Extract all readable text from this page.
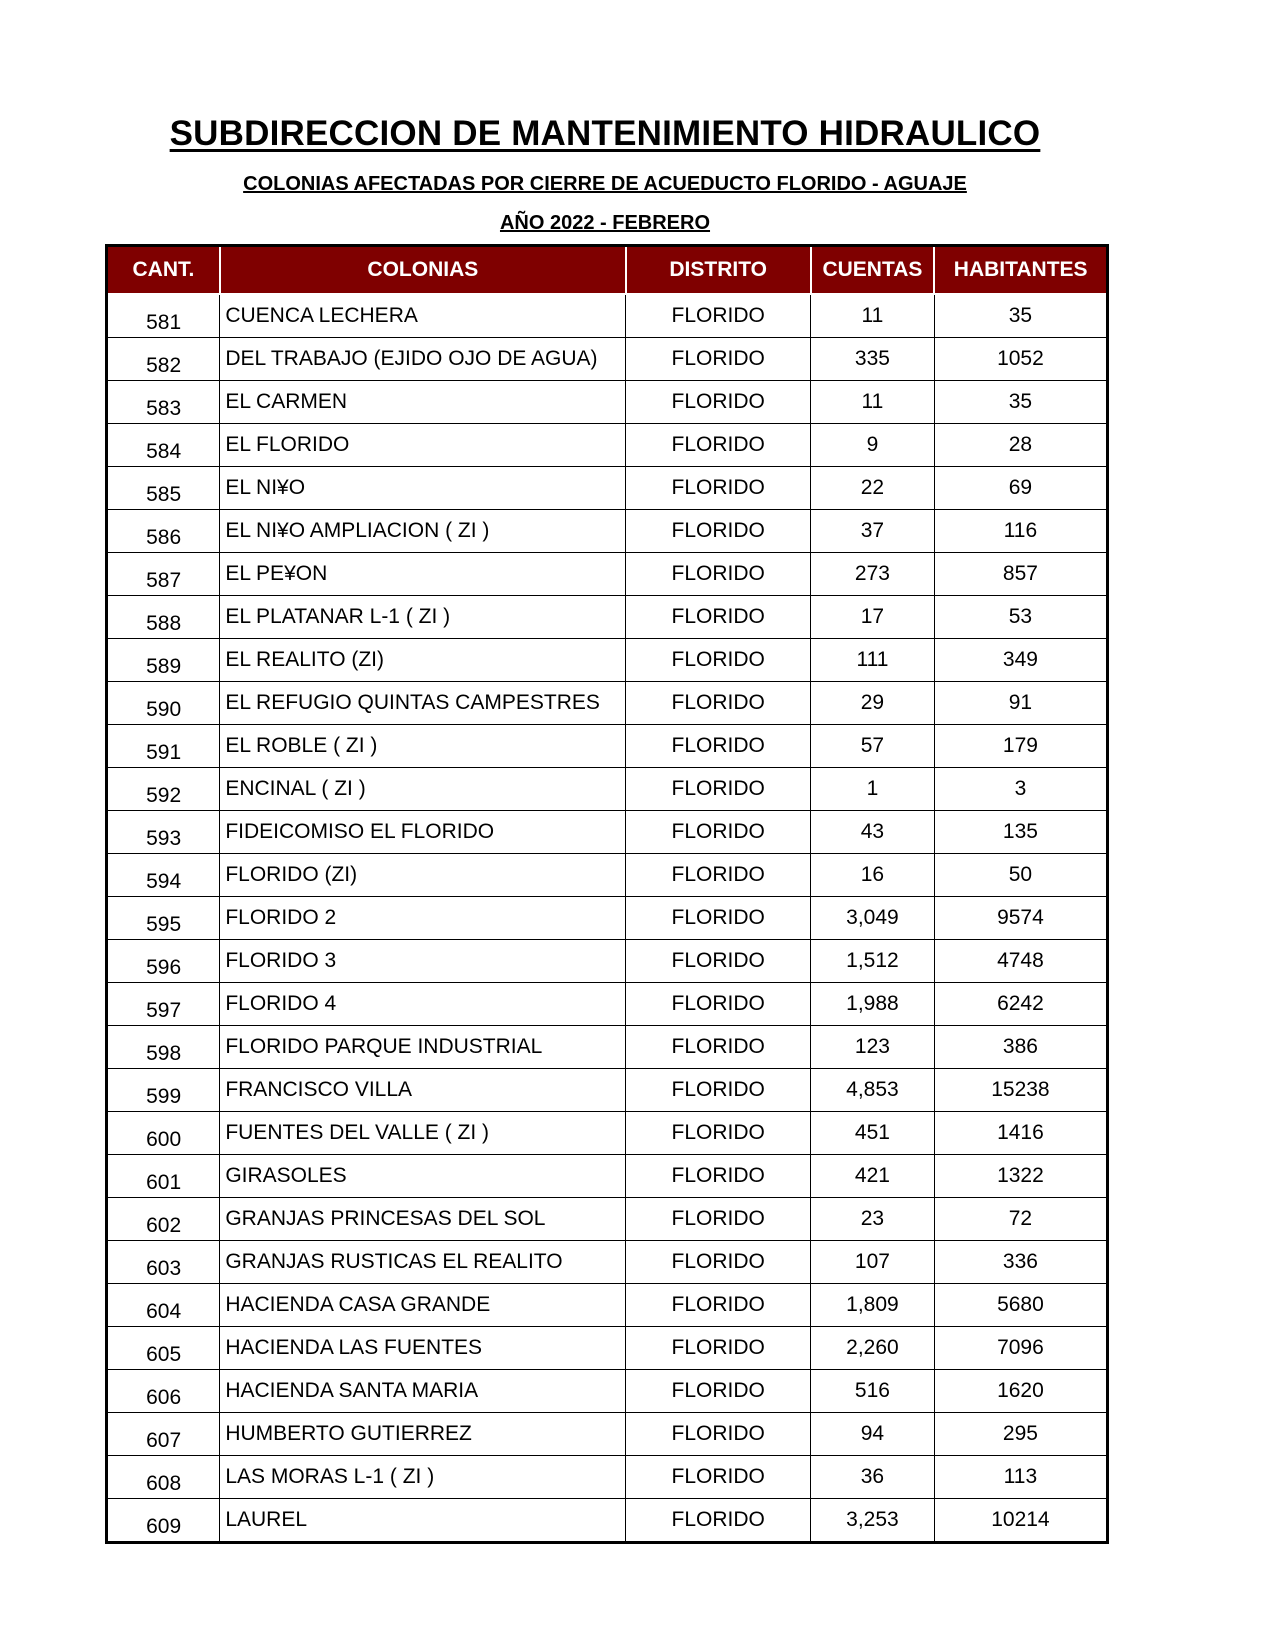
SUBDIRECCION DE MANTENIMIENTO HIDRAULICO
COLONIAS AFECTADAS POR CIERRE DE ACUEDUCTO FLORIDO - AGUAJE
AÑO 2022 - FEBRERO
CANT.	COLONIAS	DISTRITO	CUENTAS	HABITANTES
581	CUENCA LECHERA	FLORIDO	11	35
582	DEL TRABAJO (EJIDO OJO DE AGUA)	FLORIDO	335	1052
583	EL CARMEN	FLORIDO	11	35
584	EL FLORIDO	FLORIDO	9	28
585	EL NI¥O	FLORIDO	22	69
586	EL NI¥O AMPLIACION ( ZI )	FLORIDO	37	116
587	EL PE¥ON	FLORIDO	273	857
588	EL PLATANAR L-1 ( ZI )	FLORIDO	17	53
589	EL REALITO (ZI)	FLORIDO	111	349
590	EL REFUGIO QUINTAS CAMPESTRES	FLORIDO	29	91
591	EL ROBLE ( ZI )	FLORIDO	57	179
592	ENCINAL ( ZI )	FLORIDO	1	3
593	FIDEICOMISO EL FLORIDO	FLORIDO	43	135
594	FLORIDO (ZI)	FLORIDO	16	50
595	FLORIDO 2	FLORIDO	3,049	9574
596	FLORIDO 3	FLORIDO	1,512	4748
597	FLORIDO 4	FLORIDO	1,988	6242
598	FLORIDO PARQUE INDUSTRIAL	FLORIDO	123	386
599	FRANCISCO VILLA	FLORIDO	4,853	15238
600	FUENTES DEL VALLE ( ZI )	FLORIDO	451	1416
601	GIRASOLES	FLORIDO	421	1322
602	GRANJAS PRINCESAS DEL SOL	FLORIDO	23	72
603	GRANJAS RUSTICAS EL REALITO	FLORIDO	107	336
604	HACIENDA CASA GRANDE	FLORIDO	1,809	5680
605	HACIENDA LAS FUENTES	FLORIDO	2,260	7096
606	HACIENDA SANTA MARIA	FLORIDO	516	1620
607	HUMBERTO GUTIERREZ	FLORIDO	94	295
608	LAS MORAS L-1 ( ZI )	FLORIDO	36	113
609	LAUREL	FLORIDO	3,253	10214
